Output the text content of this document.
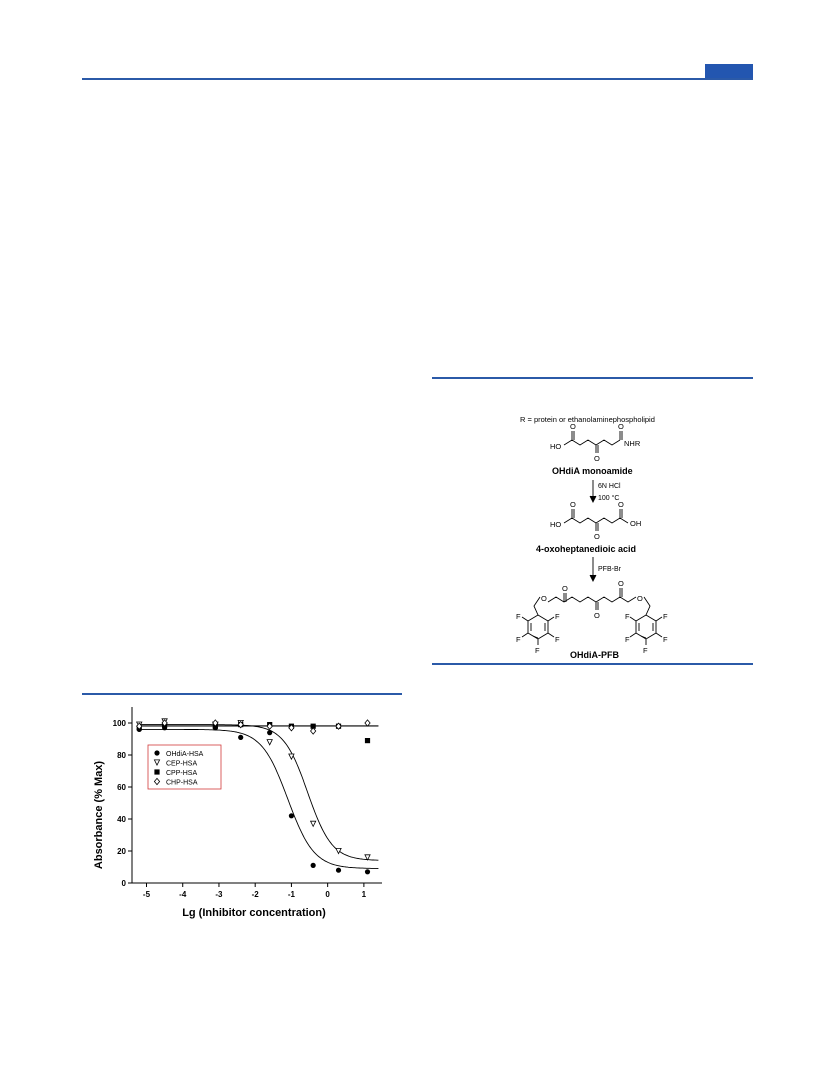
R = protein or ethanolaminephospholipid
HO
O	O
O
NHR
OHdiA monoamide
6N HCl
100 °C
HO
O	O
O
OH
4-oxoheptanedioic acid
PFB-Br
O
O
O
O
O
F
F
F
F
F
F
F
F
F
F
OHdiA-PFB
-5	-4	-3	-2	-1	0	1
0
20
40
60
80
100
Absorbance (% Max)
Lg (Inhibitor concentration)
OHdiA-HSA
CEP-HSA
CPP-HSA
CHP-HSA
